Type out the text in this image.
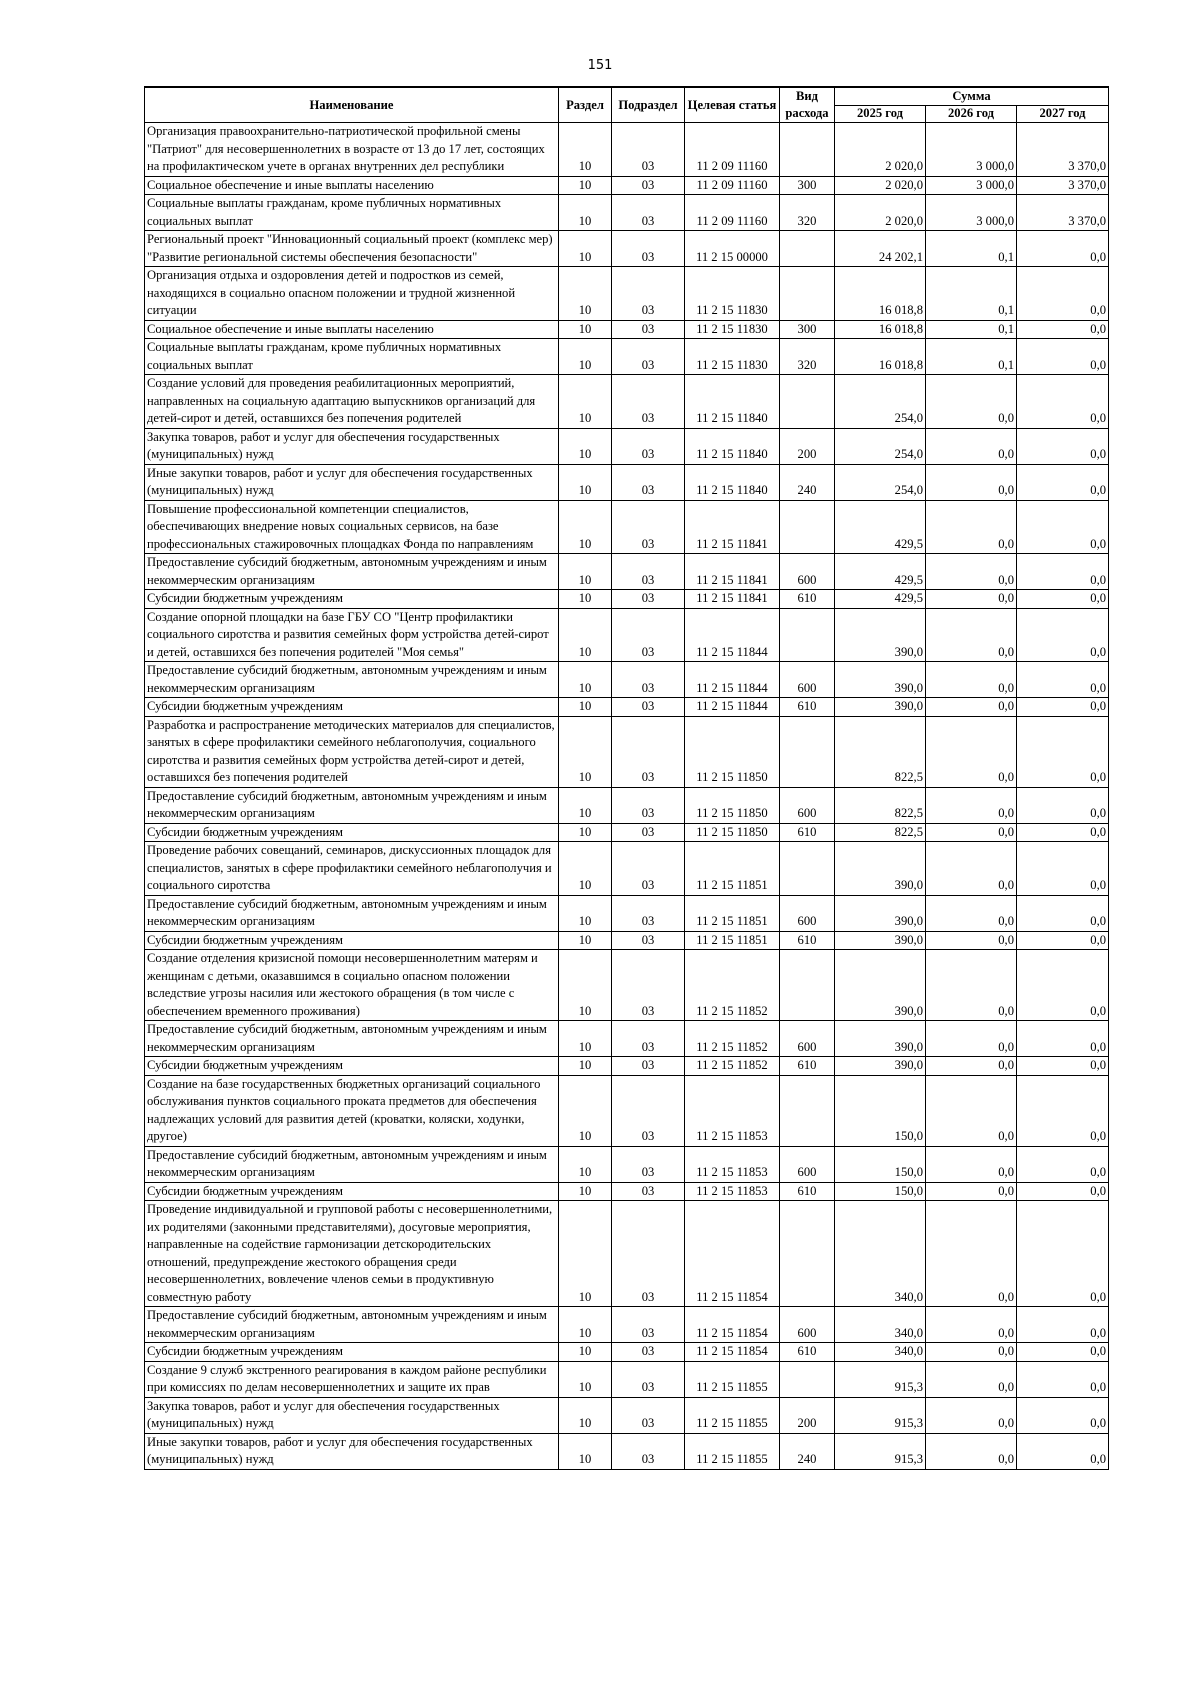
151
Наименование	Раздел	Подраздел	Целевая статья	Вид расхода	Сумма		
					2025 год	2026 год	2027 год
Организация правоохранительно-патриотической профильной смены "Патриот" для несовершеннолетних в возрасте от 13 до 17 лет, состоящих на профилактическом учете в органах внутренних дел республики	10	03	11 2 09 11160		2 020,0	3 000,0	3 370,0
Социальное обеспечение и иные выплаты населению	10	03	11 2 09 11160	300	2 020,0	3 000,0	3 370,0
Социальные выплаты гражданам, кроме публичных нормативных социальных выплат	10	03	11 2 09 11160	320	2 020,0	3 000,0	3 370,0
Региональный проект "Инновационный социальный проект (комплекс мер) "Развитие региональной системы обеспечения безопасности"	10	03	11 2 15 00000		24 202,1	0,1	0,0
Организация отдыха и оздоровления детей и подростков из семей, находящихся в социально опасном положении и трудной жизненной ситуации	10	03	11 2 15 11830		16 018,8	0,1	0,0
Социальное обеспечение и иные выплаты населению	10	03	11 2 15 11830	300	16 018,8	0,1	0,0
Социальные выплаты гражданам, кроме публичных нормативных социальных выплат	10	03	11 2 15 11830	320	16 018,8	0,1	0,0
Создание условий для проведения реабилитационных мероприятий, направленных на социальную адаптацию выпускников организаций для детей-сирот и детей, оставшихся без попечения родителей	10	03	11 2 15 11840		254,0	0,0	0,0
Закупка товаров, работ и услуг для обеспечения государственных (муниципальных) нужд	10	03	11 2 15 11840	200	254,0	0,0	0,0
Иные закупки товаров, работ и услуг для обеспечения государственных (муниципальных) нужд	10	03	11 2 15 11840	240	254,0	0,0	0,0
Повышение профессиональной компетенции специалистов, обеспечивающих внедрение новых социальных сервисов, на базе профессиональных стажировочных площадках Фонда по направлениям	10	03	11 2 15 11841		429,5	0,0	0,0
Предоставление субсидий бюджетным, автономным учреждениям и иным некоммерческим организациям	10	03	11 2 15 11841	600	429,5	0,0	0,0
Субсидии бюджетным учреждениям	10	03	11 2 15 11841	610	429,5	0,0	0,0
Создание опорной площадки на базе ГБУ СО "Центр профилактики социального сиротства и развития семейных форм устройства детей-сирот и детей, оставшихся без попечения родителей "Моя семья"	10	03	11 2 15 11844		390,0	0,0	0,0
Предоставление субсидий бюджетным, автономным учреждениям и иным некоммерческим организациям	10	03	11 2 15 11844	600	390,0	0,0	0,0
Субсидии бюджетным учреждениям	10	03	11 2 15 11844	610	390,0	0,0	0,0
Разработка и распространение методических материалов для специалистов, занятых в сфере профилактики семейного неблагополучия, социального сиротства и развития семейных форм устройства детей-сирот и детей, оставшихся без попечения родителей	10	03	11 2 15 11850		822,5	0,0	0,0
Предоставление субсидий бюджетным, автономным учреждениям и иным некоммерческим организациям	10	03	11 2 15 11850	600	822,5	0,0	0,0
Субсидии бюджетным учреждениям	10	03	11 2 15 11850	610	822,5	0,0	0,0
Проведение рабочих совещаний, семинаров, дискуссионных площадок для специалистов, занятых в сфере профилактики семейного неблагополучия и социального сиротства	10	03	11 2 15 11851		390,0	0,0	0,0
Предоставление субсидий бюджетным, автономным учреждениям и иным некоммерческим организациям	10	03	11 2 15 11851	600	390,0	0,0	0,0
Субсидии бюджетным учреждениям	10	03	11 2 15 11851	610	390,0	0,0	0,0
Создание отделения кризисной помощи несовершеннолетним матерям и женщинам с детьми, оказавшимся в социально опасном положении вследствие угрозы насилия или жестокого обращения (в том числе с обеспечением временного проживания)	10	03	11 2 15 11852		390,0	0,0	0,0
Предоставление субсидий бюджетным, автономным учреждениям и иным некоммерческим организациям	10	03	11 2 15 11852	600	390,0	0,0	0,0
Субсидии бюджетным учреждениям	10	03	11 2 15 11852	610	390,0	0,0	0,0
Создание на базе государственных бюджетных организаций социального обслуживания пунктов социального проката предметов для обеспечения надлежащих условий для развития детей (кроватки, коляски, ходунки, другое)	10	03	11 2 15 11853		150,0	0,0	0,0
Предоставление субсидий бюджетным, автономным учреждениям и иным некоммерческим организациям	10	03	11 2 15 11853	600	150,0	0,0	0,0
Субсидии бюджетным учреждениям	10	03	11 2 15 11853	610	150,0	0,0	0,0
Проведение индивидуальной и групповой работы с несовершеннолетними, их родителями (законными представителями), досуговые мероприятия, направленные на содействие гармонизации детскородительских отношений, предупреждение жестокого обращения среди несовершеннолетних, вовлечение членов семьи в продуктивную совместную работу	10	03	11 2 15 11854		340,0	0,0	0,0
Предоставление субсидий бюджетным, автономным учреждениям и иным некоммерческим организациям	10	03	11 2 15 11854	600	340,0	0,0	0,0
Субсидии бюджетным учреждениям	10	03	11 2 15 11854	610	340,0	0,0	0,0
Создание 9 служб экстренного реагирования в каждом районе республики при комиссиях по делам несовершеннолетних и защите их прав	10	03	11 2 15 11855		915,3	0,0	0,0
Закупка товаров, работ и услуг для обеспечения государственных (муниципальных) нужд	10	03	11 2 15 11855	200	915,3	0,0	0,0
Иные закупки товаров, работ и услуг для обеспечения государственных (муниципальных) нужд	10	03	11 2 15 11855	240	915,3	0,0	0,0
